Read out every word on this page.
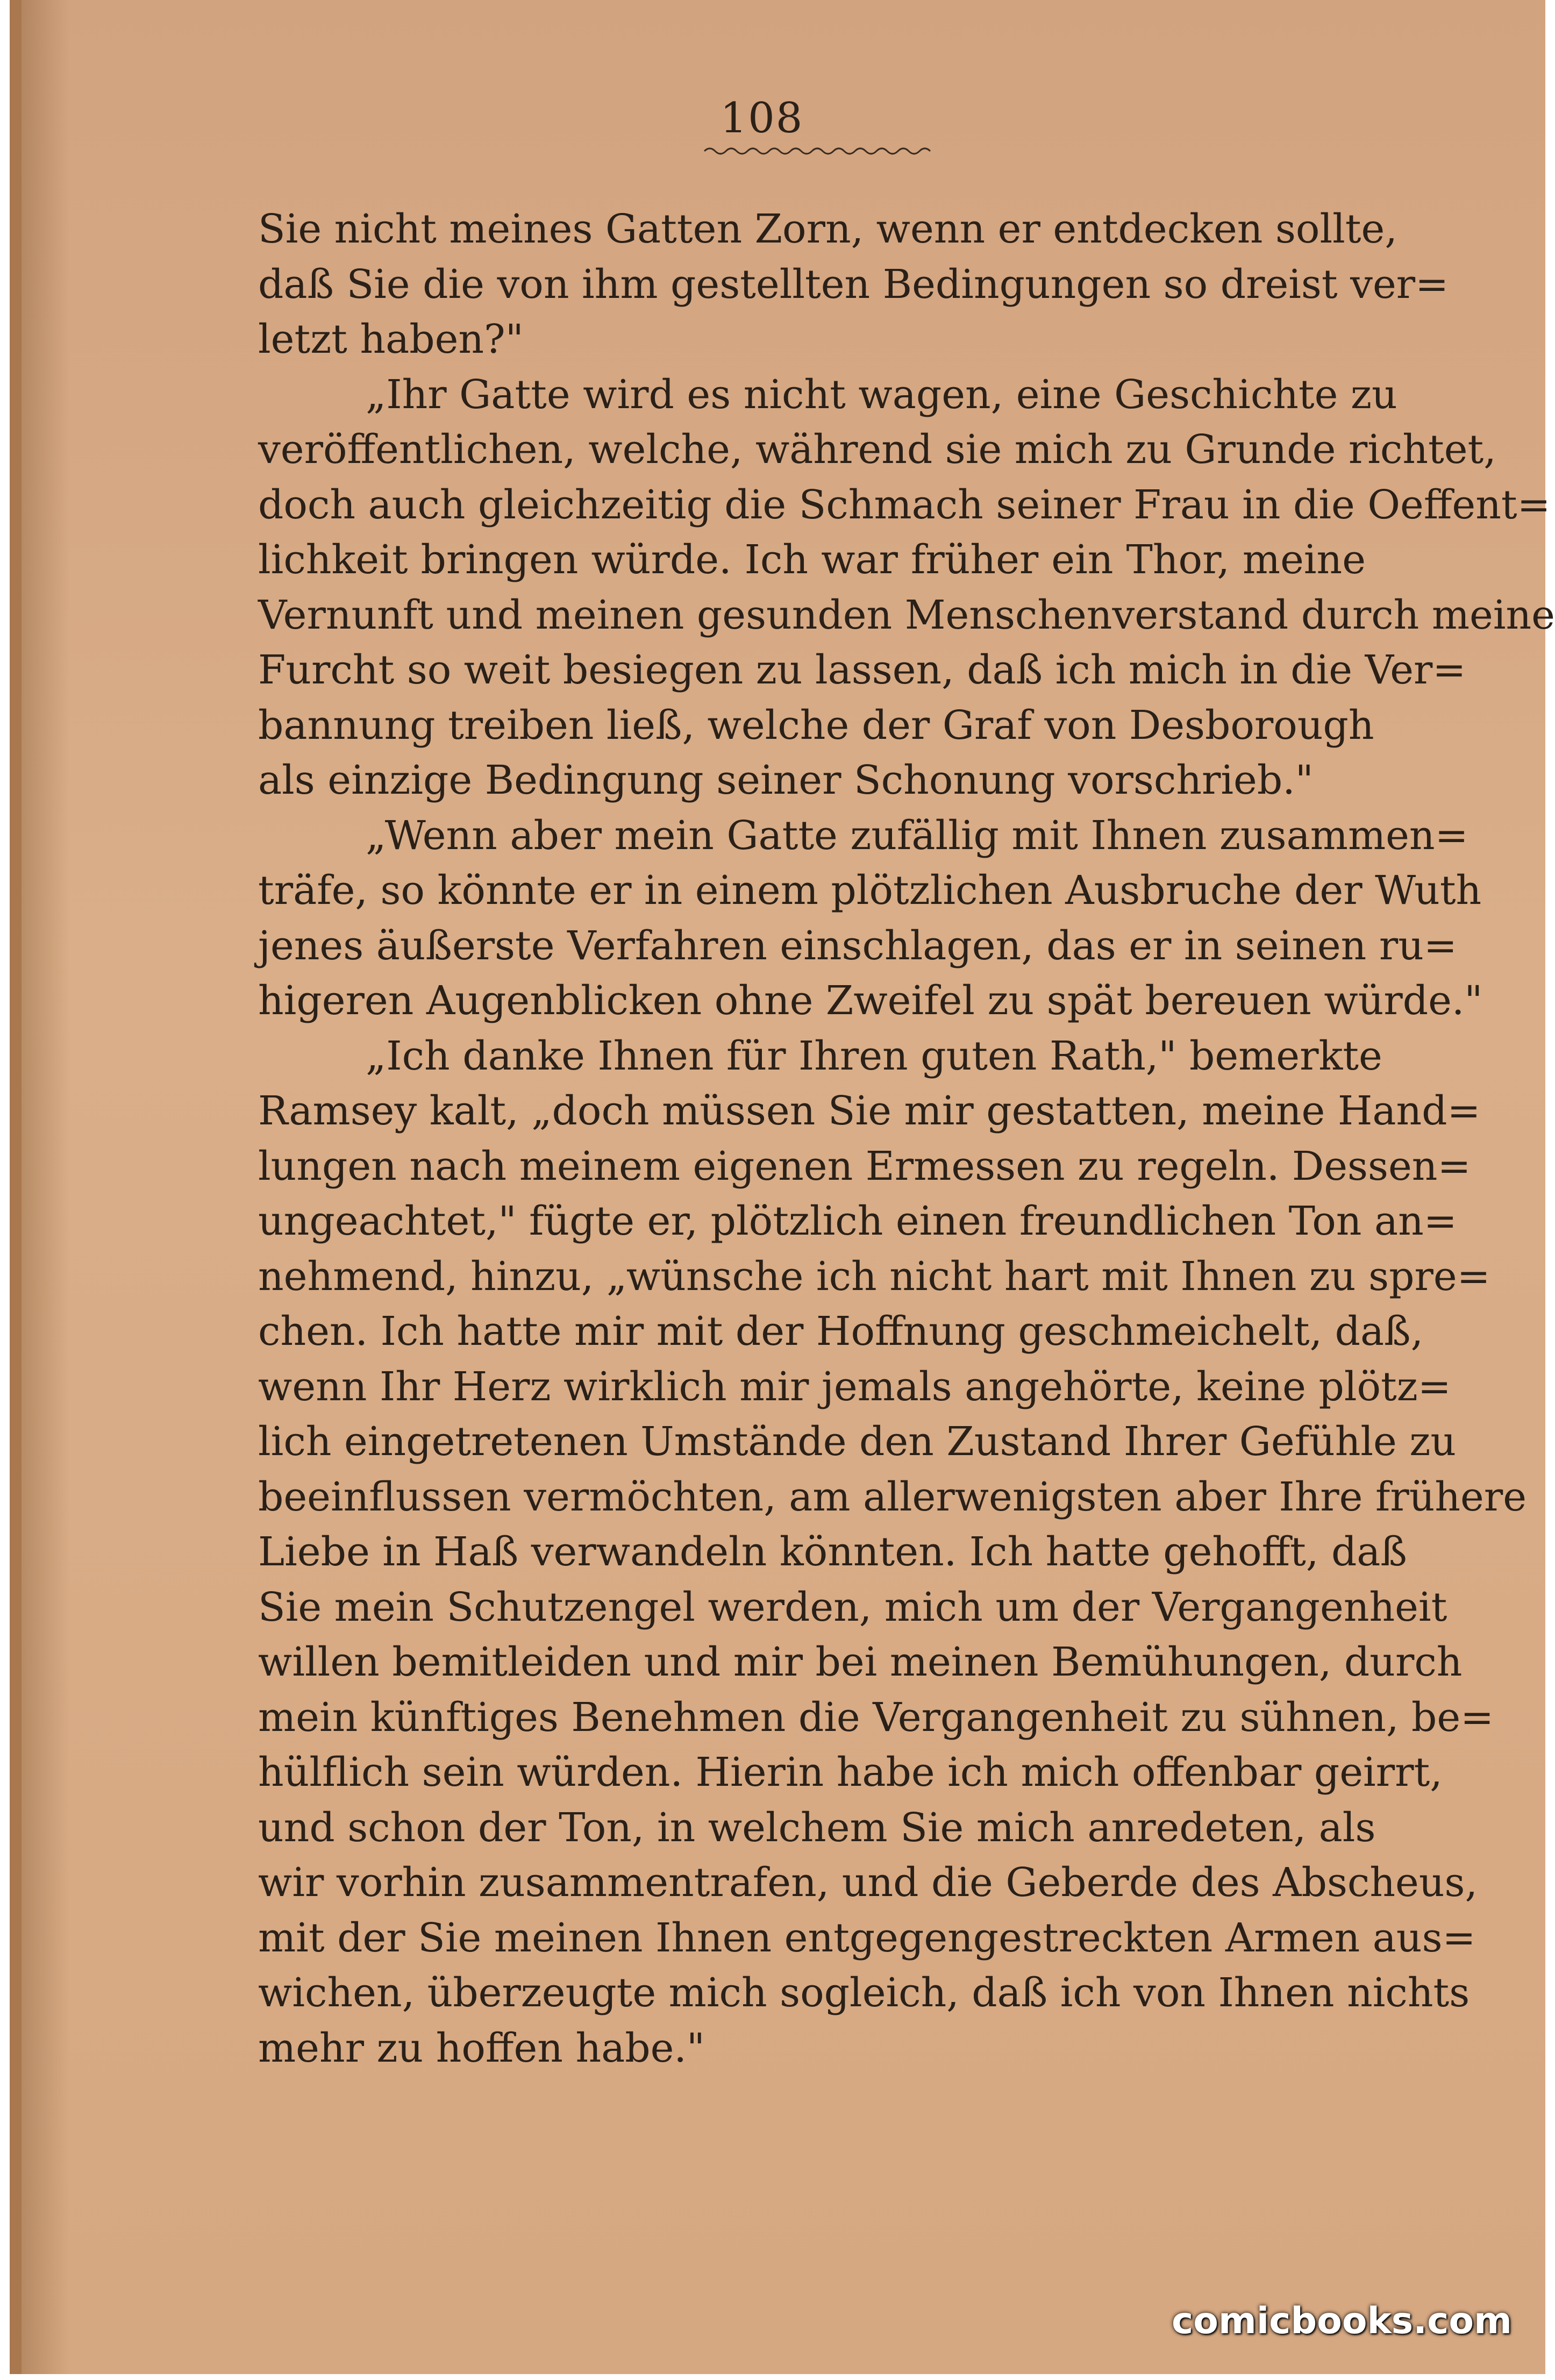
108
Sie nicht meines Gatten Zorn, wenn er entdecken sollte,
daß Sie die von ihm gestellten Bedingungen so dreist ver=
letzt haben?"
„Ihr Gatte wird es nicht wagen, eine Geschichte zu
veröffentlichen, welche, während sie mich zu Grunde richtet,
doch auch gleichzeitig die Schmach seiner Frau in die Oeffent=
lichkeit bringen würde. Ich war früher ein Thor, meine
Vernunft und meinen gesunden Menschenverstand durch meine
Furcht so weit besiegen zu lassen, daß ich mich in die Ver=
bannung treiben ließ, welche der Graf von Desborough
als einzige Bedingung seiner Schonung vorschrieb."
„Wenn aber mein Gatte zufällig mit Ihnen zusammen=
träfe, so könnte er in einem plötzlichen Ausbruche der Wuth
jenes äußerste Verfahren einschlagen, das er in seinen ru=
higeren Augenblicken ohne Zweifel zu spät bereuen würde."
„Ich danke Ihnen für Ihren guten Rath," bemerkte
Ramsey kalt, „doch müssen Sie mir gestatten, meine Hand=
lungen nach meinem eigenen Ermessen zu regeln. Dessen=
ungeachtet," fügte er, plötzlich einen freundlichen Ton an=
nehmend, hinzu, „wünsche ich nicht hart mit Ihnen zu spre=
chen. Ich hatte mir mit der Hoffnung geschmeichelt, daß,
wenn Ihr Herz wirklich mir jemals angehörte, keine plötz=
lich eingetretenen Umstände den Zustand Ihrer Gefühle zu
beeinflussen vermöchten, am allerwenigsten aber Ihre frühere
Liebe in Haß verwandeln könnten. Ich hatte gehofft, daß
Sie mein Schutzengel werden, mich um der Vergangenheit
willen bemitleiden und mir bei meinen Bemühungen, durch
mein künftiges Benehmen die Vergangenheit zu sühnen, be=
hülflich sein würden. Hierin habe ich mich offenbar geirrt,
und schon der Ton, in welchem Sie mich anredeten, als
wir vorhin zusammentrafen, und die Geberde des Abscheus,
mit der Sie meinen Ihnen entgegengestreckten Armen aus=
wichen, überzeugte mich sogleich, daß ich von Ihnen nichts
mehr zu hoffen habe."
comicbooks.com
